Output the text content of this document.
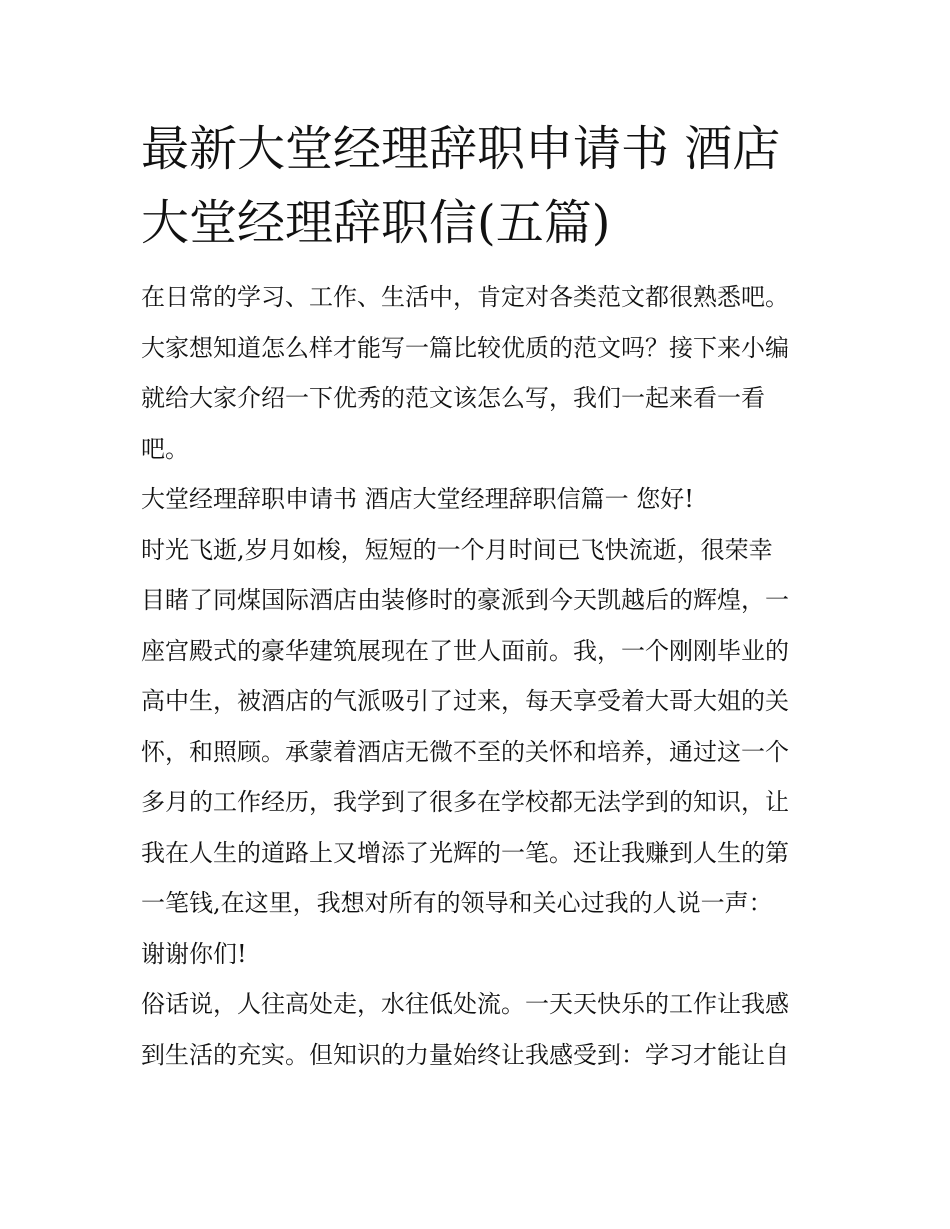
最新大堂经理辞职申请书 酒店
大堂经理辞职信(五篇)

在日常的学习、工作、生活中，肯定对各类范文都很熟悉吧。
大家想知道怎么样才能写一篇比较优质的范文吗？接下来小编
就给大家介绍一下优秀的范文该怎么写，我们一起来看一看
吧。

大堂经理辞职申请书 酒店大堂经理辞职信篇一 您好!

时光飞逝,岁月如梭，短短的一个月时间已飞快流逝，很荣幸
目睹了同煤国际酒店由装修时的豪派到今天凯越后的辉煌，一
座宫殿式的豪华建筑展现在了世人面前。我，一个刚刚毕业的
高中生，被酒店的气派吸引了过来，每天享受着大哥大姐的关
怀，和照顾。承蒙着酒店无微不至的关怀和培养，通过这一个
多月的工作经历，我学到了很多在学校都无法学到的知识，让
我在人生的道路上又增添了光辉的一笔。还让我赚到人生的第
一笔钱,在这里，我想对所有的领导和关心过我的人说一声：
谢谢你们!

俗话说，人往高处走，水往低处流。一天天快乐的工作让我感
到生活的充实。但知识的力量始终让我感受到：学习才能让自
